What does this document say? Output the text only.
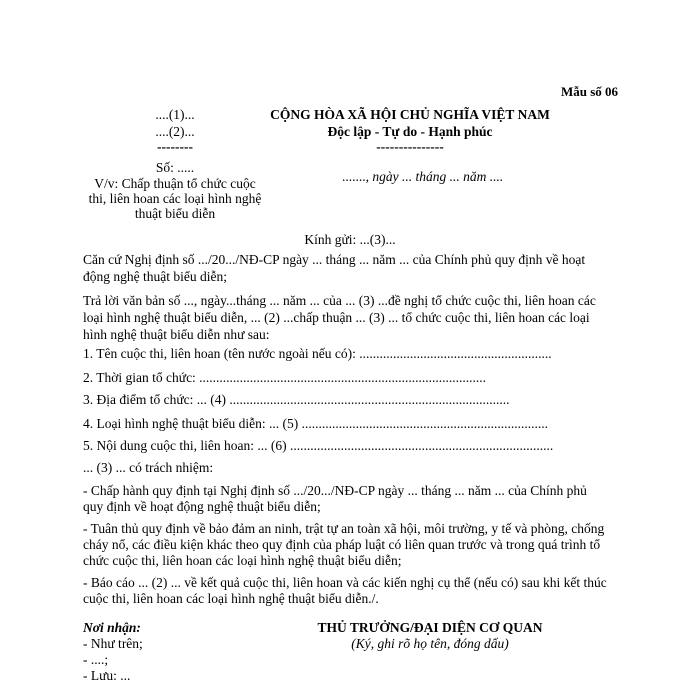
Mẫu số 06
....(1)...
....(2)...
--------
Số: .....
V/v: Chấp thuận tổ chức cuộc
thi, liên hoan các loại hình nghệ
thuật biểu diễn
CỘNG HÒA XÃ HỘI CHỦ NGHĨA VIỆT NAM
Độc lập - Tự do - Hạnh phúc
---------------
......., ngày ... tháng ... năm ....
Kính gửi: ...(3)...
Căn cứ Nghị định số .../20.../NĐ-CP ngày ... tháng ... năm ... của Chính phủ quy định về hoạt
động nghệ thuật biểu diễn;
Trả lời văn bản số ..., ngày...tháng ... năm ... của ... (3) ...đề nghị tổ chức cuộc thi, liên hoan các
loại hình nghệ thuật biểu diễn, ... (2) ...chấp thuận ... (3) ... tổ chức cuộc thi, liên hoan các loại
hình nghệ thuật biểu diễn như sau:
1. Tên cuộc thi, liên hoan (tên nước ngoài nếu có): .........................................................
2. Thời gian tổ chức: .....................................................................................
3. Địa điểm tổ chức: ... (4) ...................................................................................
4. Loại hình nghệ thuật biểu diễn: ... (5) .........................................................................
5. Nội dung cuộc thi, liên hoan: ... (6) ..............................................................................
... (3) ... có trách nhiệm:
- Chấp hành quy định tại Nghị định số .../20.../NĐ-CP ngày ... tháng ... năm ... của Chính phủ
quy định về hoạt động nghệ thuật biểu diễn;
- Tuân thủ quy định về bảo đảm an ninh, trật tự an toàn xã hội, môi trường, y tế và phòng, chống
cháy nổ, các điều kiện khác theo quy định của pháp luật có liên quan trước và trong quá trình tổ
chức cuộc thi, liên hoan các loại hình nghệ thuật biểu diễn;
- Báo cáo ... (2) ... về kết quả cuộc thi, liên hoan và các kiến nghị cụ thể (nếu có) sau khi kết thúc
cuộc thi, liên hoan các loại hình nghệ thuật biểu diễn./.
Nơi nhận:
- Như trên;
- ....;
- Lưu: ...
THỦ TRƯỞNG/ĐẠI DIỆN CƠ QUAN
(Ký, ghi rõ họ tên, đóng dấu)
